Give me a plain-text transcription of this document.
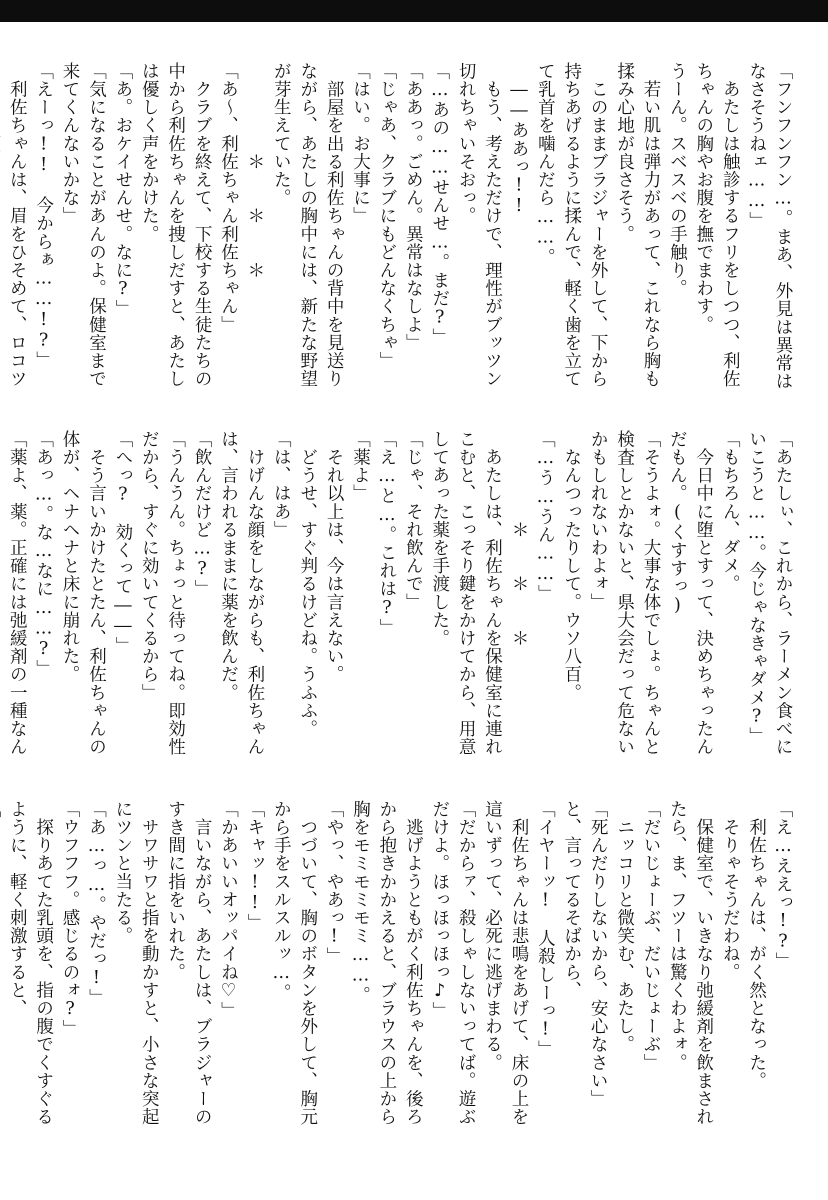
「フンフンフン…。まあ、外見は異常は
なさそうねェ……」
　あたしは触診するフリをしつつ、利佐
ちゃんの胸やお腹を撫でまわす。
うーん。スベスベの手触り。
　若い肌は弾力があって、これなら胸も
揉み心地が良さそう。
　このままブラジャーを外して、下から
持ちあげるように揉んで、軽く歯を立て
て乳首を噛んだら……。
　――ああっ!!
　もう、考えただけで、理性がブッツン
切れちゃいそおっ。
「…あの……せんせ…。まだ?」
「ああっ。ごめん。異常はなしよ」
「じゃあ、クラブにもどんなくちゃ」
「はい。お大事に」
　部屋を出る利佐ちゃんの背中を見送り
ながら、あたしの胸中には、新たな野望
が芽生えていた。
　　　　　＊　　＊　　＊
「あ～、利佐ちゃん利佐ちゃん」
　クラブを終えて、下校する生徒たちの
中から利佐ちゃんを捜しだすと、あたし
は優しく声をかけた。
「あ。おケイせんせ。なに?」
「気になることがあんのよ。保健室まで
来てくんないかな」
「えーっ!! 今からぁ……!?」
　利佐ちゃんは、眉をひそめて、ロコツ
「あたしぃ、これから、ラーメン食べに
いこうと……。今じゃなきゃダメ?」
「もちろん、ダメ。
　今日中に堕とすって、決めちゃったん
だもん。(くすすっ)
「そうよォ。大事な体でしょ。ちゃんと
検査しとかないと、県大会だって危ない
かもしれないわよォ」
　なんつったりして。ウソ八百。
「…う…うん……」
　　　　　＊　　＊　　＊
　あたしは、利佐ちゃんを保健室に連れ
こむと、こっそり鍵をかけてから、用意
してあった薬を手渡した。
「じゃ、それ飲んで」
「え…と…。これは?」
「薬よ」
　それ以上は、今は言えない。
　どうせ、すぐ判るけどね。うふふ。
「は、はあ」
　けげんな顔をしながらも、利佐ちゃん
は、言われるままに薬を飲んだ。
「飲んだけど…?」
「うんうん。ちょっと待ってね。即効性
だから、すぐに効いてくるから」
「へっ?　効くって――」
　そう言いかけたとたん、利佐ちゃんの
体が、ヘナヘナと床に崩れた。
「あっ…。な…なに……?」
「薬よ、薬。正確には弛緩剤の一種なん
「え…ええっ!?」
　利佐ちゃんは、がく然となった。
　そりゃそうだわね。
　保健室で、いきなり弛緩剤を飲まされ
たら、ま、フツーは驚くわよォ。
「だいじょーぶ、だいじょーぶ」
　ニッコリと微笑む、あたし。
「死んだりしないから、安心なさい」
と、言ってるそばから、
「イヤーッ!　人殺しーっ!」
　利佐ちゃんは悲鳴をあげて、床の上を
這いずって、必死に逃げまわる。
「だからァ、殺しゃしないってば。遊ぶ
だけよ。ほっほっほっ♪」
　逃げようともがく利佐ちゃんを、後ろ
から抱きかかえると、ブラウスの上から
胸をモミモミモミ……。
「やっ、やあっ!」
　つづいて、胸のボタンを外して、胸元
から手をスルスルッ…。
「キャッ!!」
「かあいいオッパイね♡」
　言いながら、あたしは、ブラジャーの
すき間に指をいれた。
　サワサワと指を動かすと、小さな突起
にツンと当たる。
「あ…っ…。やだっ!」
「ウフフフ。感じるのォ?」
　探りあてた乳頭を、指の腹でくすぐる
ように、軽く刺激すると、
